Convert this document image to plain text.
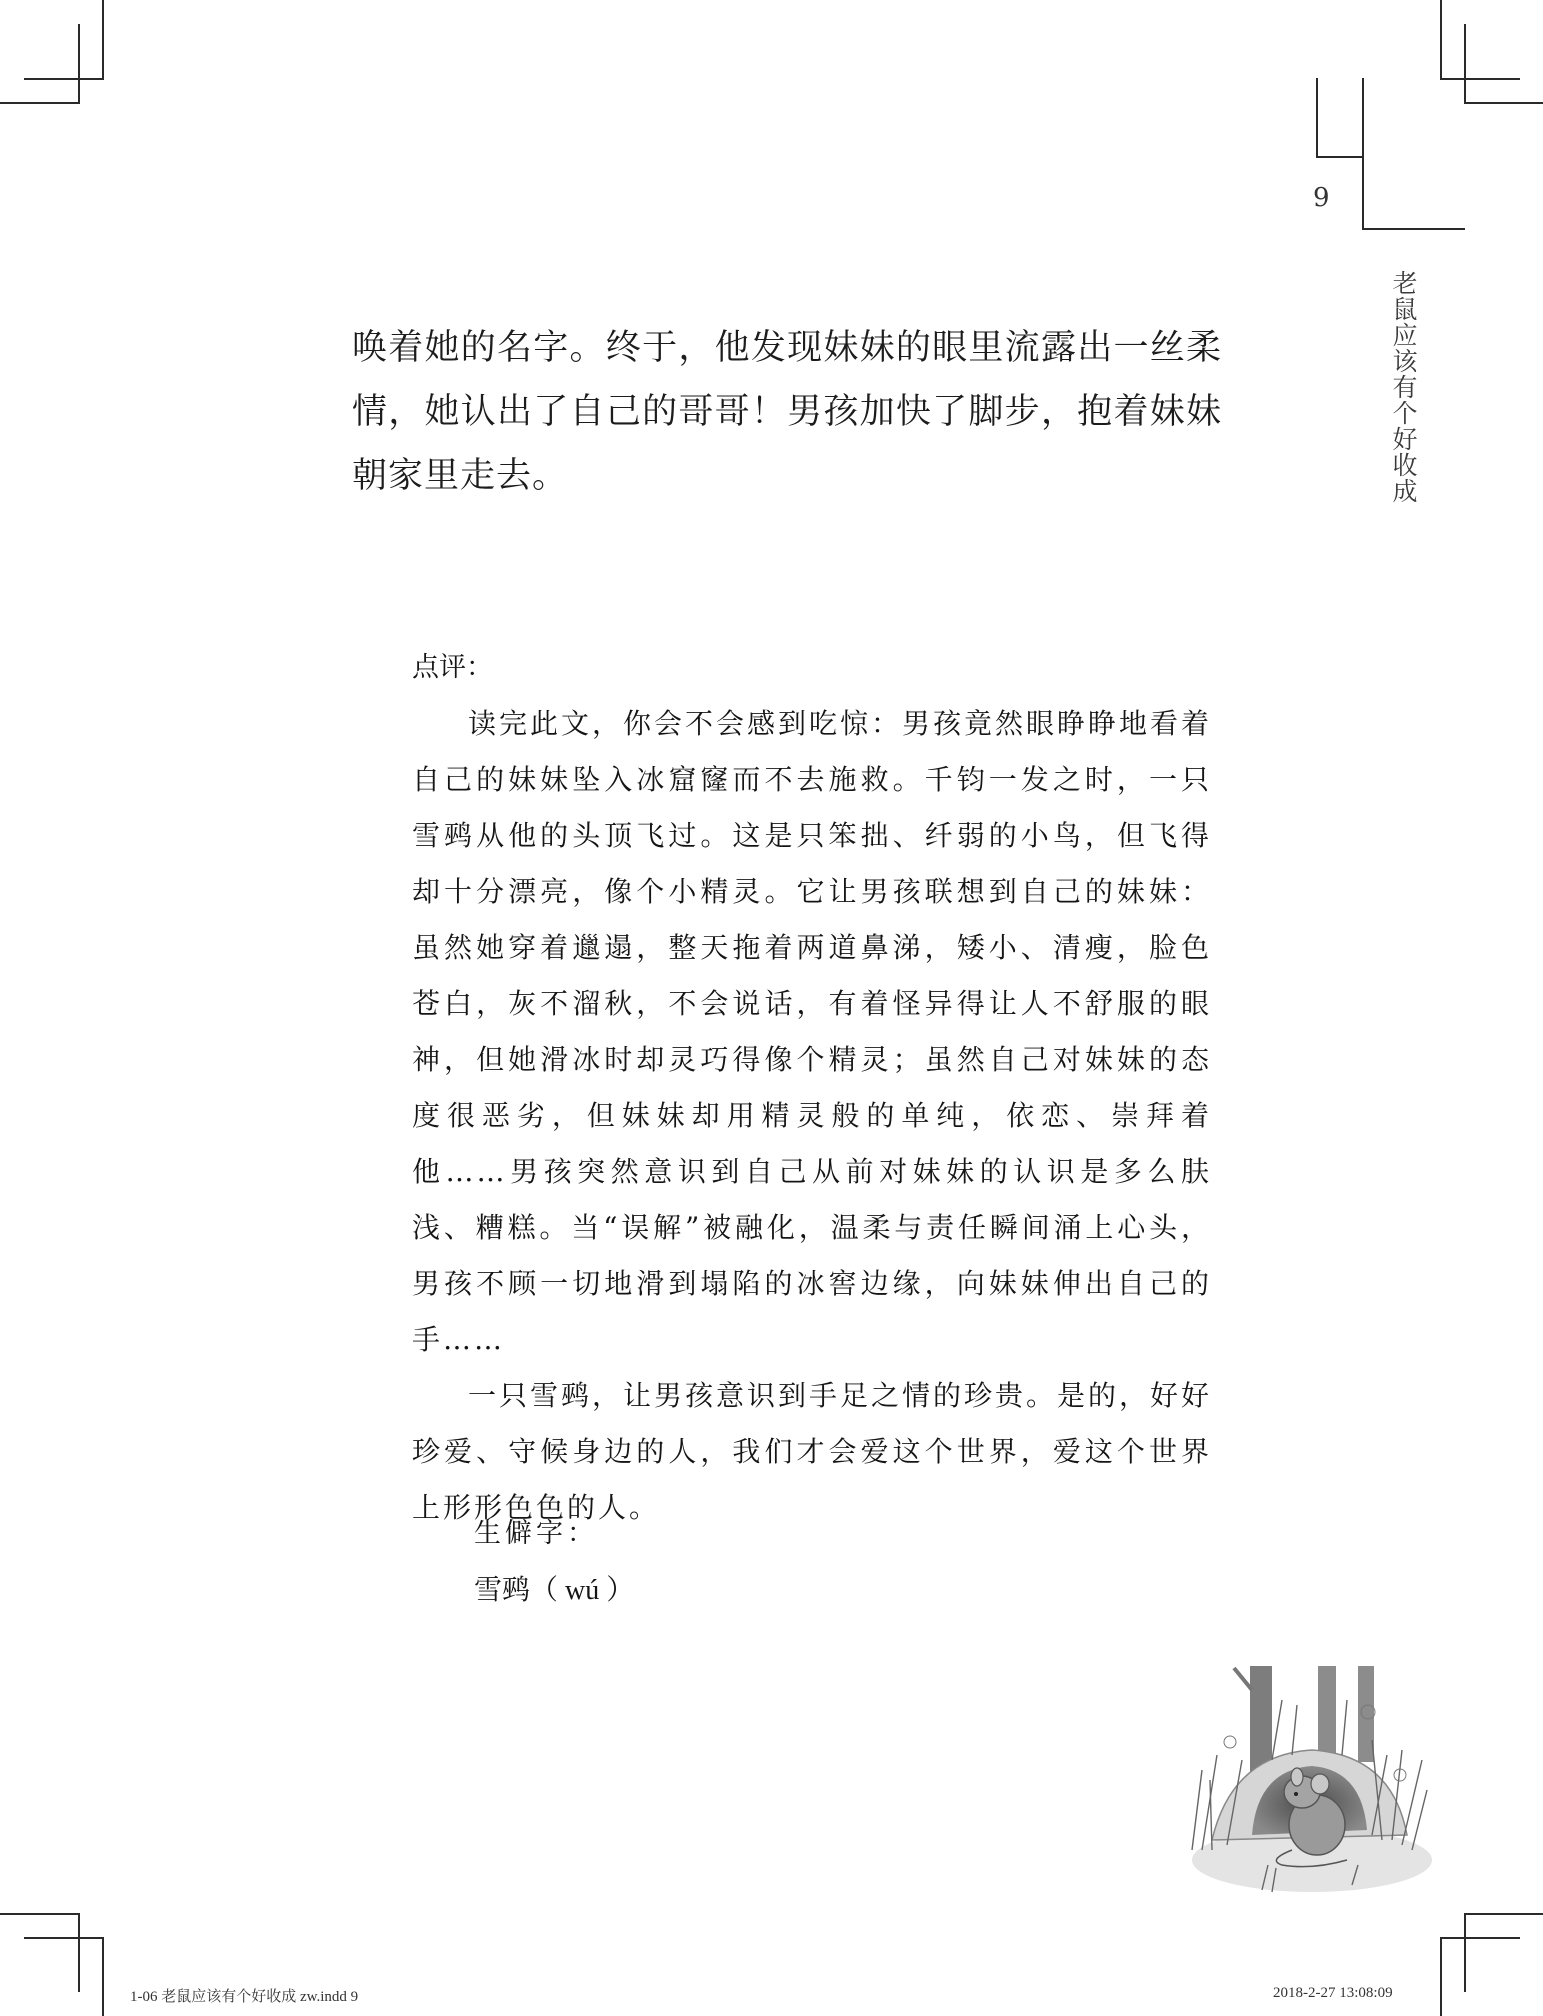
9
老鼠应该有个好收成
唤着她的名字。终于，他发现妹妹的眼里流露出一丝柔情，她认出了自己的哥哥！男孩加快了脚步，抱着妹妹朝家里走去。
点评：
读完此文，你会不会感到吃惊：男孩竟然眼睁睁地看着自己的妹妹坠入冰窟窿而不去施救。千钧一发之时，一只雪鹀从他的头顶飞过。这是只笨拙、纤弱的小鸟，但飞得却十分漂亮，像个小精灵。它让男孩联想到自己的妹妹：虽然她穿着邋遢，整天拖着两道鼻涕，矮小、清瘦，脸色苍白，灰不溜秋，不会说话，有着怪异得让人不舒服的眼神，但她滑冰时却灵巧得像个精灵；虽然自己对妹妹的态度很恶劣，但妹妹却用精灵般的单纯，依恋、崇拜着他……男孩突然意识到自己从前对妹妹的认识是多么肤浅、糟糕。当“误解”被融化，温柔与责任瞬间涌上心头，男孩不顾一切地滑到塌陷的冰窖边缘，向妹妹伸出自己的手……
一只雪鹀，让男孩意识到手足之情的珍贵。是的，好好珍爱、守候身边的人，我们才会爱这个世界，爱这个世界上形形色色的人。
生僻字：
雪鹀（ wú ）
1-06 老鼠应该有个好收成 zw.indd 9	2018-2-27 13:08:09
